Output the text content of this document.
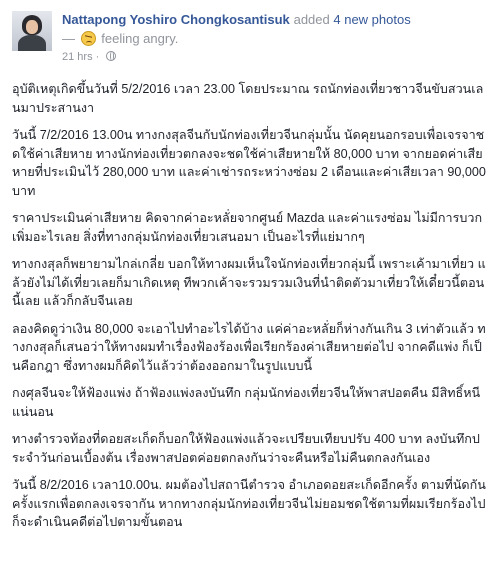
Nattapong Yoshiro Chongkosantisuk added 4 new photos
— feeling angry.
21 hrs ·

อุบัติเหตุเกิดขึ้นวันที่ 5/2/2016 เวลา 23.00 โดยประมาณ รถนักท่องเที่ยวชาวจีนขับสวนเลนมาประสานงา

วันนี้ 7/2/2016 13.00น ทางกงสุลจีนกับนักท่องเที่ยวจีนกลุ่มนั้น นัดคุยนอกรอบเพื่อเจรจาชดใช้ค่าเสียหาย ทางนักท่องเที่ยวตกลงจะชดใช้ค่าเสียหายให้ 80,000 บาท จากยอดค่าเสียหายที่ประเมินไว้ 280,000 บาท และค่าเช่ารถระหว่างซ่อม 2 เดือนและค่าเสียเวลา 90,000 บาท

ราคาประเมินค่าเสียหาย คิดจากค่าอะหลั่ยจากศูนย์ Mazda และค่าแรงซ่อม ไม่มีการบวกเพิ่มอะไรเลย สิ่งที่ทางกลุ่มนักท่องเที่ยวเสนอมา เป็นอะไรที่แย่มากๆ

ทางกงสุลก็พยายามไกล่เกลี่ย บอกให้ทางผมเห็นใจนักท่องเที่ยวกลุ่มนี้ เพราะเค้ามาเที่ยว แล้วยังไม่ได้เที่ยวเลยก็มาเกิดเหตุ ทีพวกเค้าจะรวมรวมเงินที่นำติดตัวมาเที่ยวให้เดี๋ยวนี้ตอนนี้เลย แล้วก็กลับจีนเลย

ลองคิดดูว่าเงิน 80,000 จะเอาไปทำอะไรได้บ้าง แค่ค่าอะหลั่ยก็ห่างกันเกิน 3 เท่าตัวแล้ว ทางกงสุลก็เสนอว่าให้ทางผมทำเรื่องฟ้องร้องเพื่อเรียกร้องค่าเสียหายต่อไป จากคดีแพ่ง ก็เป็นคือกฎา ซึ่งทางผมก็คิดไว้แล้วว่าต้องออกมาในรูปแบบนี้

กงศุลจีนจะให้ฟ้องแพ่ง ถ้าฟ้องแพ่งลงบันทึก กลุ่มนักท่องเที่ยวจีนให้พาสปอตคืน มีสิทธิ์หนีแน่นอน

ทางตำรวจท้องที่ดอยสะเก็ดก็บอกให้ฟ้องแพ่งแล้วจะเปรียบเทียบปรับ 400 บาท ลงบันทึกประจำวันก่อนเบื้องต้น เรื่องพาสปอตค่อยตกลงกันว่าจะคืนหรือไม่คืนตกลงกันเอง

วันนี้ 8/2/2016 เวลา10.00น. ผมต้องไปสถานีตำรวจ อำเภอดอยสะเก็ดอีกครั้ง ตามที่นัดกันครั้งแรกเพื่อตกลงเจรจากัน หากทางกลุ่มนักท่องเที่ยวจีนไม่ยอมชดใช้ตามที่ผมเรียกร้องไป ก็จะดำเนินคดีต่อไปตามขั้นตอน
